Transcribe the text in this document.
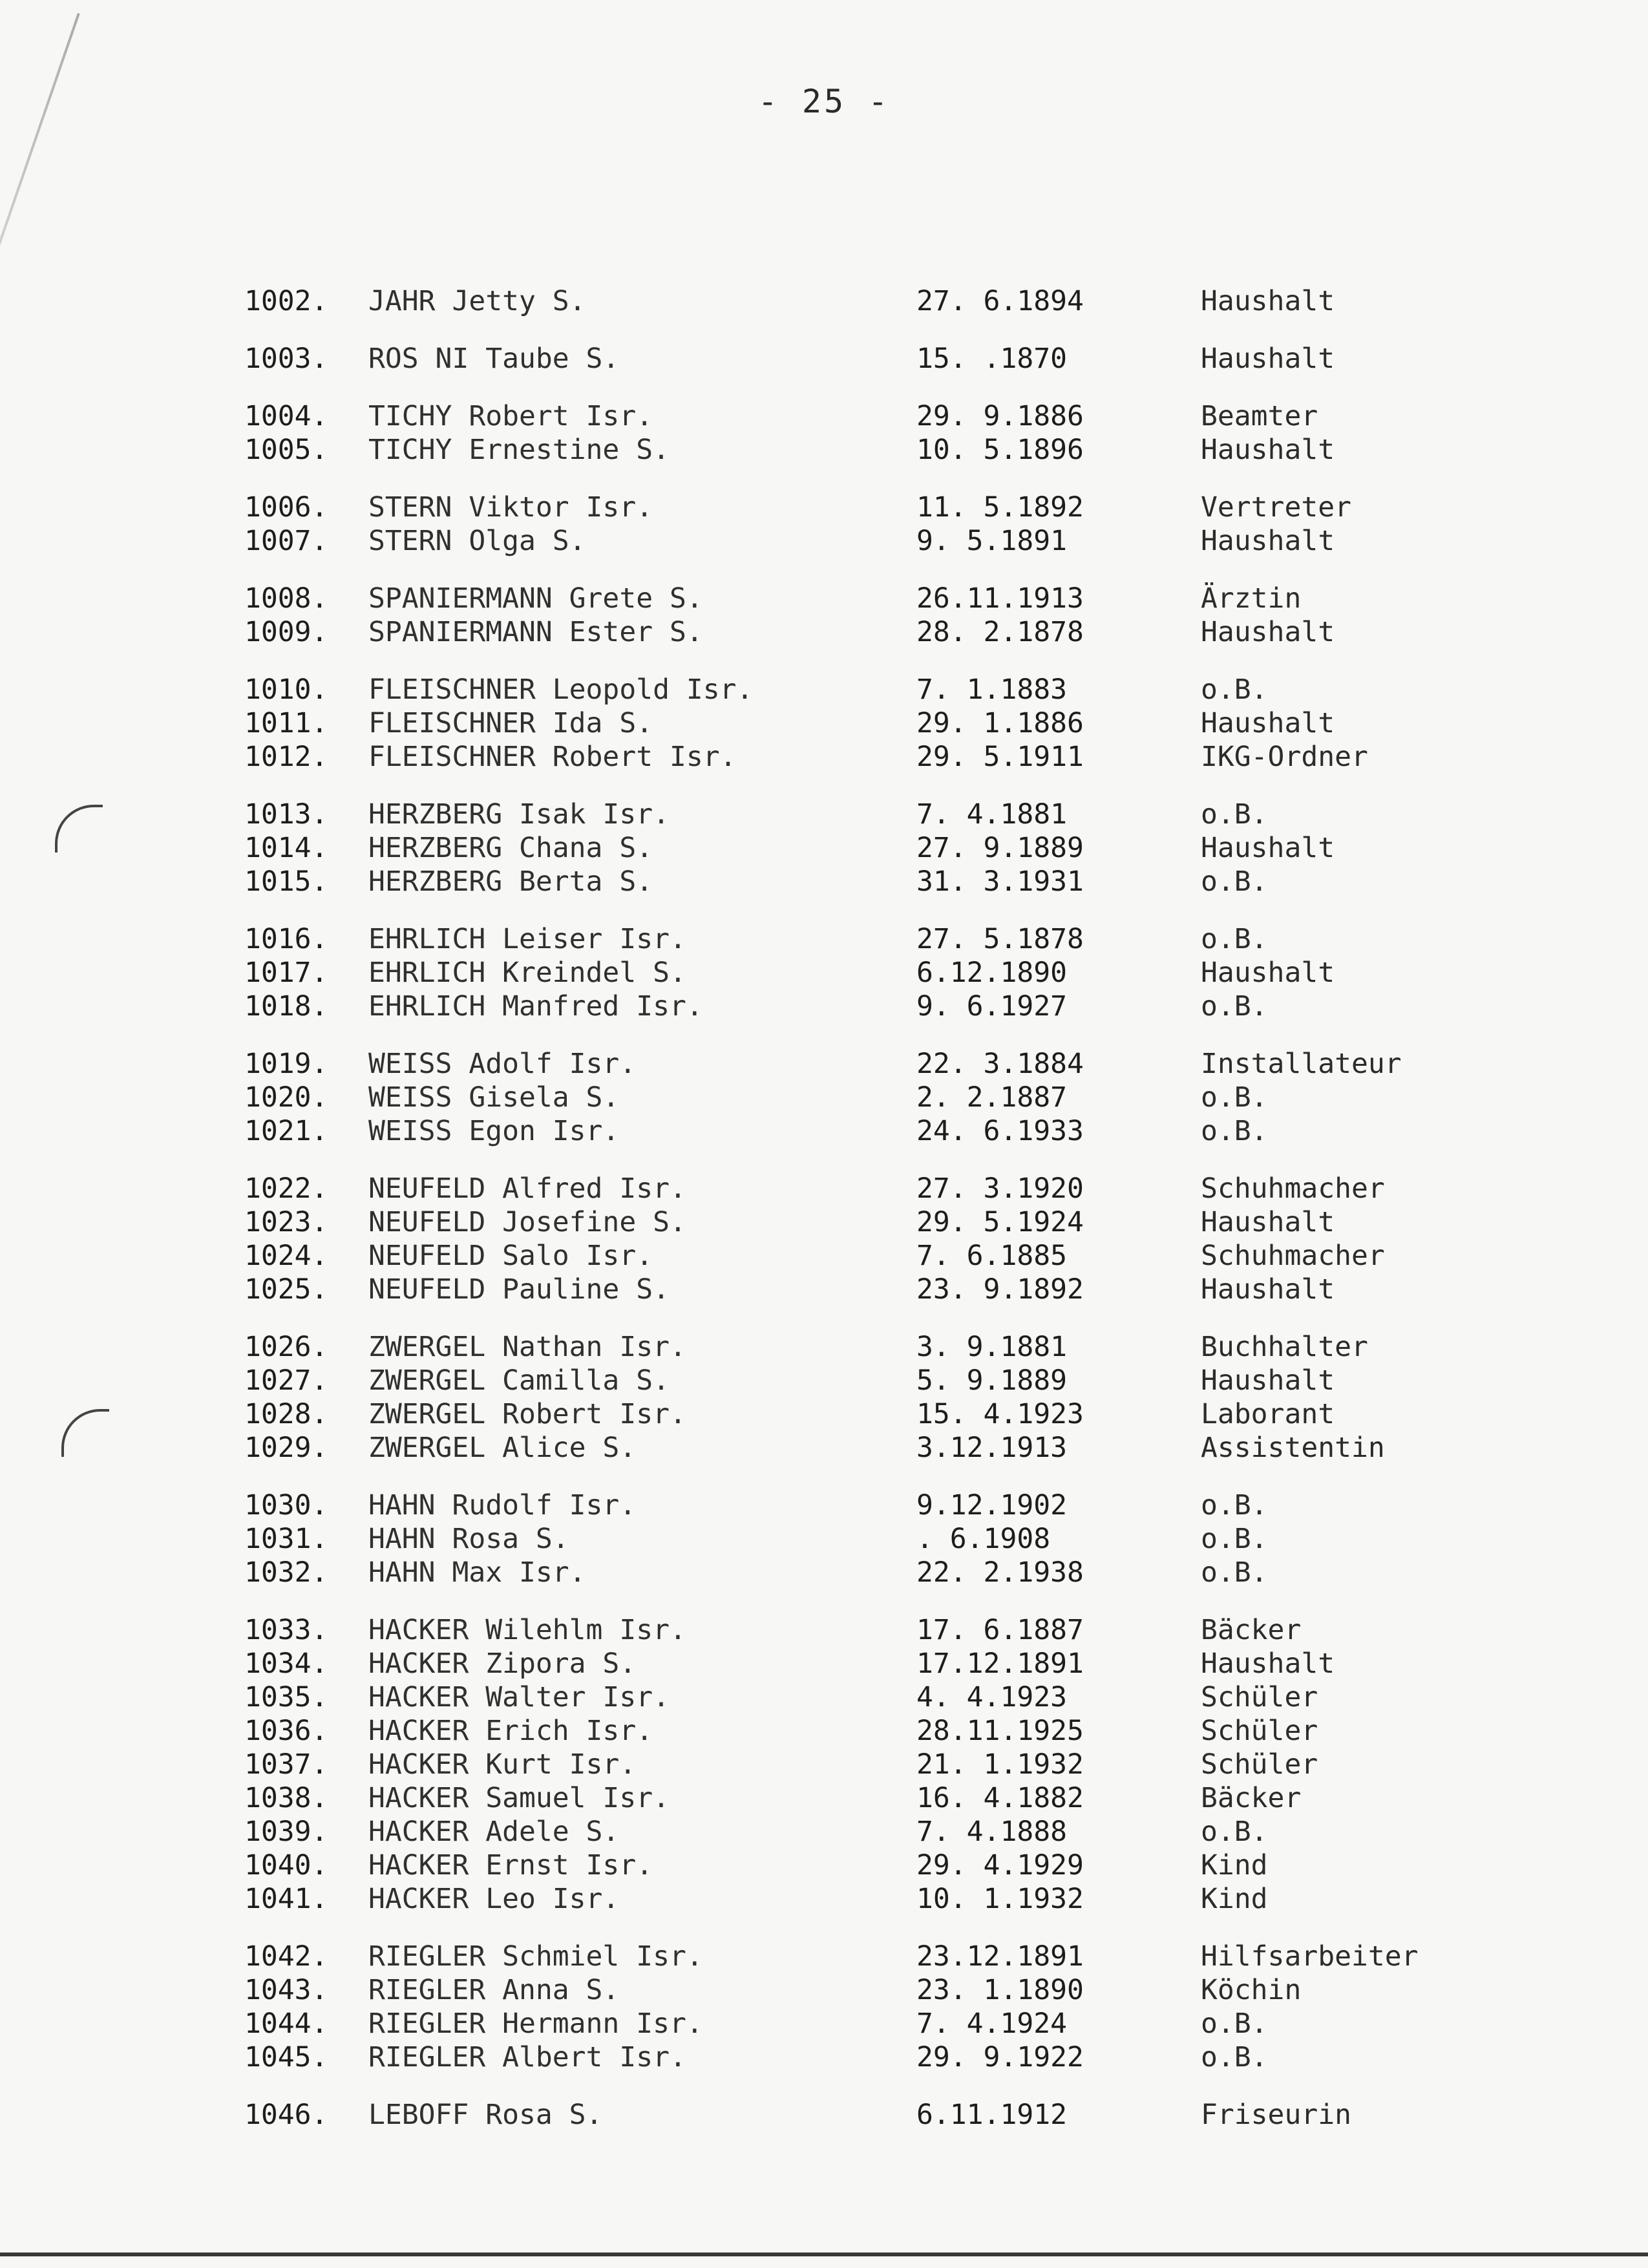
- 25 -
1002. JAHR Jetty S.	27. 6.1894	Haushalt
1003. ROS NI Taube S.	15. .1870	Haushalt
1004. TICHY Robert Isr.	29. 9.1886	Beamter
1005. TICHY Ernestine S.	10. 5.1896	Haushalt
1006. STERN Viktor Isr.	11. 5.1892	Vertreter
1007. STERN Olga S.	9. 5.1891	Haushalt
1008. SPANIERMANN Grete S.	26.11.1913	Ärztin
1009. SPANIERMANN Ester S.	28. 2.1878	Haushalt
1010. FLEISCHNER Leopold Isr.	7. 1.1883	o.B.
1011. FLEISCHNER Ida S.	29. 1.1886	Haushalt
1012. FLEISCHNER Robert Isr.	29. 5.1911	IKG-Ordner
1013. HERZBERG Isak Isr.	7. 4.1881	o.B.
1014. HERZBERG Chana S.	27. 9.1889	Haushalt
1015. HERZBERG Berta S.	31. 3.1931	o.B.
1016. EHRLICH Leiser Isr.	27. 5.1878	o.B.
1017. EHRLICH Kreindel S.	6.12.1890	Haushalt
1018. EHRLICH Manfred Isr.	9. 6.1927	o.B.
1019. WEISS Adolf Isr.	22. 3.1884	Installateur
1020. WEISS Gisela S.	2. 2.1887	o.B.
1021. WEISS Egon Isr.	24. 6.1933	o.B.
1022. NEUFELD Alfred Isr.	27. 3.1920	Schuhmacher
1023. NEUFELD Josefine S.	29. 5.1924	Haushalt
1024. NEUFELD Salo Isr.	7. 6.1885	Schuhmacher
1025. NEUFELD Pauline S.	23. 9.1892	Haushalt
1026. ZWERGEL Nathan Isr.	3. 9.1881	Buchhalter
1027. ZWERGEL Camilla S.	5. 9.1889	Haushalt
1028. ZWERGEL Robert Isr.	15. 4.1923	Laborant
1029. ZWERGEL Alice S.	3.12.1913	Assistentin
1030. HAHN Rudolf Isr.	9.12.1902	o.B.
1031. HAHN Rosa S.	. 6.1908	o.B.
1032. HAHN Max Isr.	22. 2.1938	o.B.
1033. HACKER Wilehlm Isr.	17. 6.1887	Bäcker
1034. HACKER Zipora S.	17.12.1891	Haushalt
1035. HACKER Walter Isr.	4. 4.1923	Schüler
1036. HACKER Erich Isr.	28.11.1925	Schüler
1037. HACKER Kurt Isr.	21. 1.1932	Schüler
1038. HACKER Samuel Isr.	16. 4.1882	Bäcker
1039. HACKER Adele S.	7. 4.1888	o.B.
1040. HACKER Ernst Isr.	29. 4.1929	Kind
1041. HACKER Leo Isr.	10. 1.1932	Kind
1042. RIEGLER Schmiel Isr.	23.12.1891	Hilfsarbeiter
1043. RIEGLER Anna S.	23. 1.1890	Köchin
1044. RIEGLER Hermann Isr.	7. 4.1924	o.B.
1045. RIEGLER Albert Isr.	29. 9.1922	o.B.
1046. LEBOFF Rosa S.	6.11.1912	Friseurin
